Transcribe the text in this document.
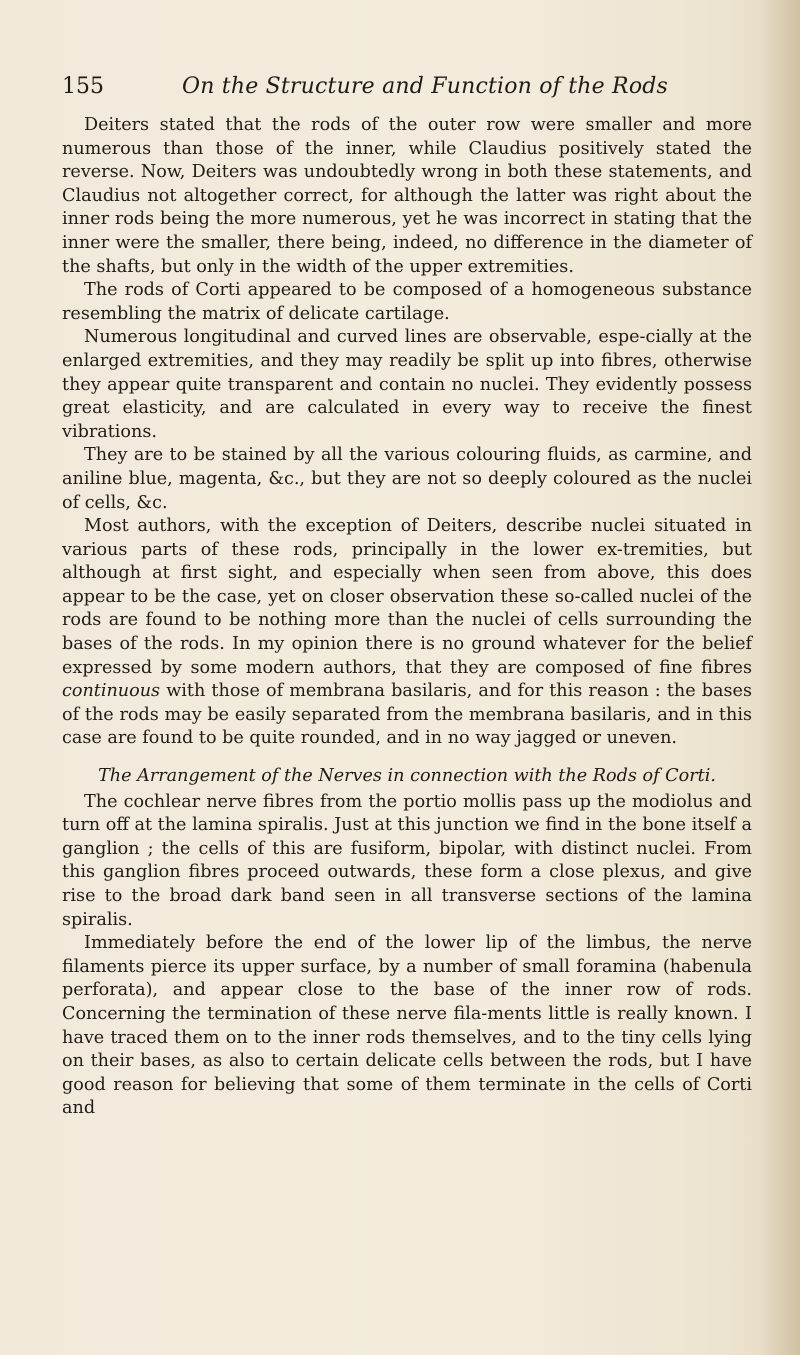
155	On the Structure and Function of the Rods

Deiters stated that the rods of the outer row were smaller and more numerous than those of the inner, while Claudius positively stated the reverse. Now, Deiters was undoubtedly wrong in both these statements, and Claudius not altogether correct, for although the latter was right about the inner rods being the more numerous, yet he was incorrect in stating that the inner were the smaller, there being, indeed, no difference in the diameter of the shafts, but only in the width of the upper extremities.

The rods of Corti appeared to be composed of a homogeneous substance resembling the matrix of delicate cartilage.

Numerous longitudinal and curved lines are observable, espe-cially at the enlarged extremities, and they may readily be split up into fibres, otherwise they appear quite transparent and contain no nuclei. They evidently possess great elasticity, and are calculated in every way to receive the finest vibrations.

They are to be stained by all the various colouring fluids, as carmine, and aniline blue, magenta, &c., but they are not so deeply coloured as the nuclei of cells, &c.

Most authors, with the exception of Deiters, describe nuclei situated in various parts of these rods, principally in the lower ex-tremities, but although at first sight, and especially when seen from above, this does appear to be the case, yet on closer observation these so-called nuclei of the rods are found to be nothing more than the nuclei of cells surrounding the bases of the rods. In my opinion there is no ground whatever for the belief expressed by some modern authors, that they are composed of fine fibres continuous with those of membrana basilaris, and for this reason : the bases of the rods may be easily separated from the membrana basilaris, and in this case are found to be quite rounded, and in no way jagged or uneven.

The Arrangement of the Nerves in connection with the Rods of Corti.

The cochlear nerve fibres from the portio mollis pass up the modiolus and turn off at the lamina spiralis. Just at this junction we find in the bone itself a ganglion ; the cells of this are fusiform, bipolar, with distinct nuclei. From this ganglion fibres proceed outwards, these form a close plexus, and give rise to the broad dark band seen in all transverse sections of the lamina spiralis.

Immediately before the end of the lower lip of the limbus, the nerve filaments pierce its upper surface, by a number of small foramina (habenula perforata), and appear close to the base of the inner row of rods. Concerning the termination of these nerve fila-ments little is really known. I have traced them on to the inner rods themselves, and to the tiny cells lying on their bases, as also to certain delicate cells between the rods, but I have good reason for believing that some of them terminate in the cells of Corti and
